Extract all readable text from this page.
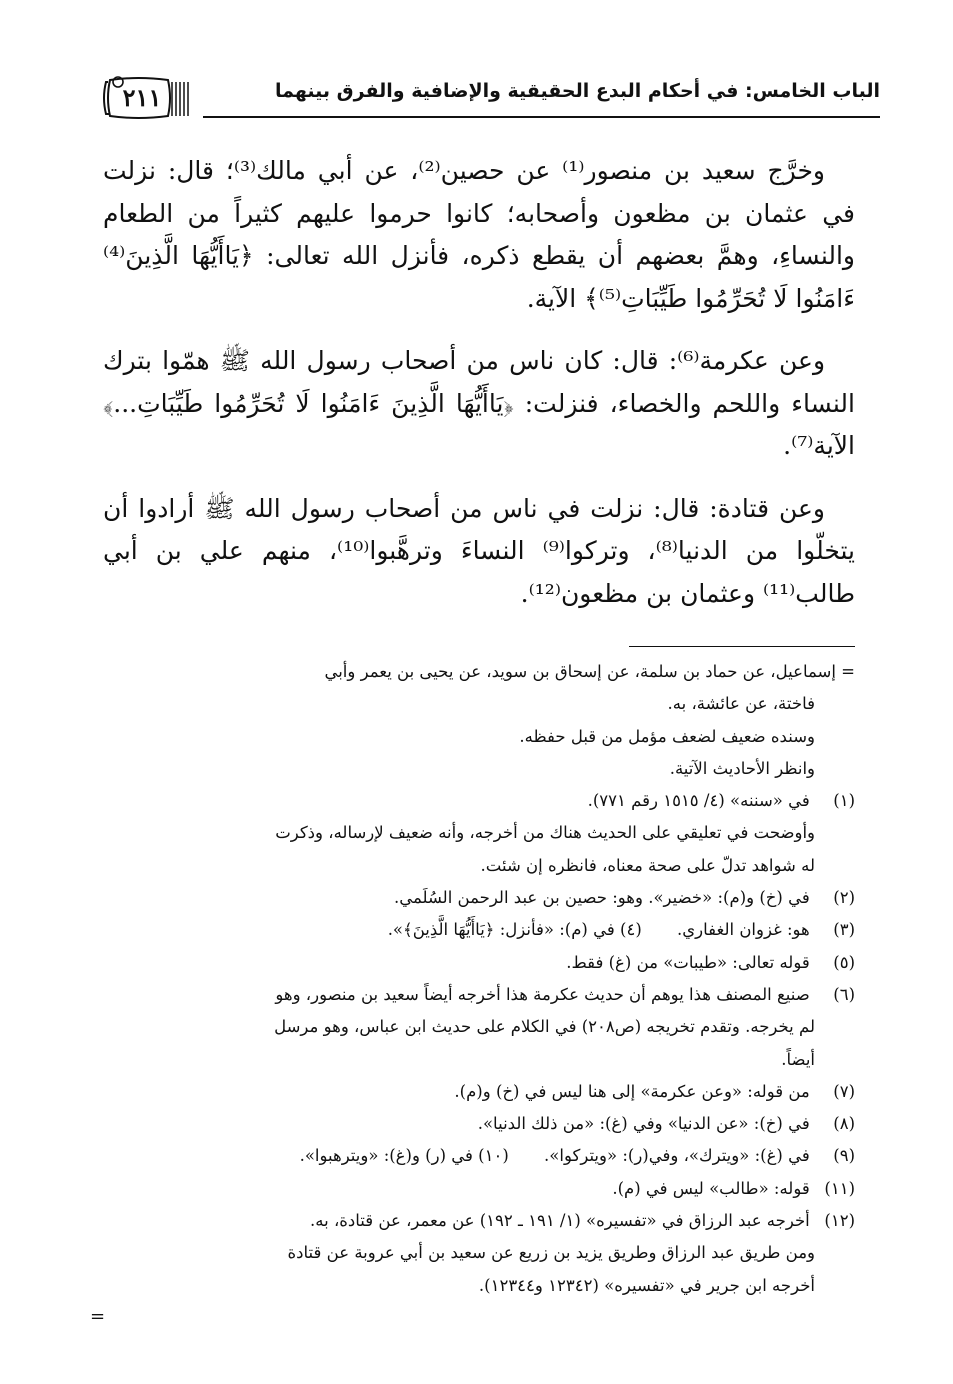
الباب الخامس: في أحكام البدع الحقيقية والإضافية والفرق بينهما
٢١١

وخرَّج سعيد بن منصور⁽¹⁾ عن حصين⁽²⁾، عن أبي مالك⁽³⁾؛ قال: نزلت في عثمان بن مظعون وأصحابه؛ كانوا حرموا عليهم كثيراً من الطعام والنساءِ، وهمَّ بعضهم أن يقطع ذكره، فأنزل الله تعالى: ﴿يَاأَيُّهَا الَّذِينَ⁽⁴⁾ ءَامَنُوا لَا تُحَرِّمُوا طَيِّبَاتِ⁽⁵⁾﴾ الآية.

وعن عكرمة⁽⁶⁾: قال: كان ناس من أصحاب رسول الله ﷺ همّوا بترك النساء واللحم والخصاء، فنزلت: ﴿يَاأَيُّهَا الَّذِينَ ءَامَنُوا لَا تُحَرِّمُوا طَيِّبَاتِ...﴾ الآية⁽⁷⁾.

وعن قتادة: قال: نزلت في ناس من أصحاب رسول الله ﷺ أرادوا أن يتخلّوا من الدنيا⁽⁸⁾، وتركوا⁽⁹⁾ النساءَ وترهَّبوا⁽¹⁰⁾، منهم علي بن أبي طالب⁽¹¹⁾ وعثمان بن مظعون⁽¹²⁾.

= إسماعيل، عن حماد بن سلمة، عن إسحاق بن سويد، عن يحيى بن يعمر وأبي
فاختة، عن عائشة، به.
وسنده ضعيف لضعف مؤمل من قبل حفظه.
وانظر الأحاديث الآتية.
(١) في «سننه» (٤/ ١٥١٥ رقم ٧٧١).
وأوضحت في تعليقي على الحديث هناك من أخرجه، وأنه ضعيف لإرساله، وذكرت
له شواهد تدلّ على صحة معناه، فانظره إن شئت.
(٢) في (خ) و(م): «خضير». وهو: حصين بن عبد الرحمن السُلَمي.
(٣) هو: غزوان الغفاري. (٤) في (م): «فأنزل: ﴿يَاأَيُّهَا الَّذِينَ﴾».
(٥) قوله تعالى: «طيبات» من (غ) فقط.
(٦) صنيع المصنف هذا يوهم أن حديث عكرمة هذا أخرجه أيضاً سعيد بن منصور، وهو
لم يخرجه. وتقدم تخريجه (ص٢٠٨) في الكلام على حديث ابن عباس، وهو مرسل
أيضاً.
(٧) من قوله: «وعن عكرمة» إلى هنا ليس في (خ) و(م).
(٨) في (خ): «عن الدنيا» وفي (غ): «من ذلك الدنيا».
(٩) في (غ): «ويترك»، وفي(ر): «ويتركوا». (١٠) في (ر) و(غ): «ويترهبوا».
(١١) قوله: «طالب» ليس في (م).
(١٢) أخرجه عبد الرزاق في «تفسيره» (١/ ١٩١ ـ ١٩٢) عن معمر، عن قتادة، به.
ومن طريق عبد الرزاق وطريق يزيد بن زريع عن سعيد بن أبي عروبة عن قتادة
أخرجه ابن جرير في «تفسيره» (١٢٣٤٢ و١٢٣٤٤).
=
